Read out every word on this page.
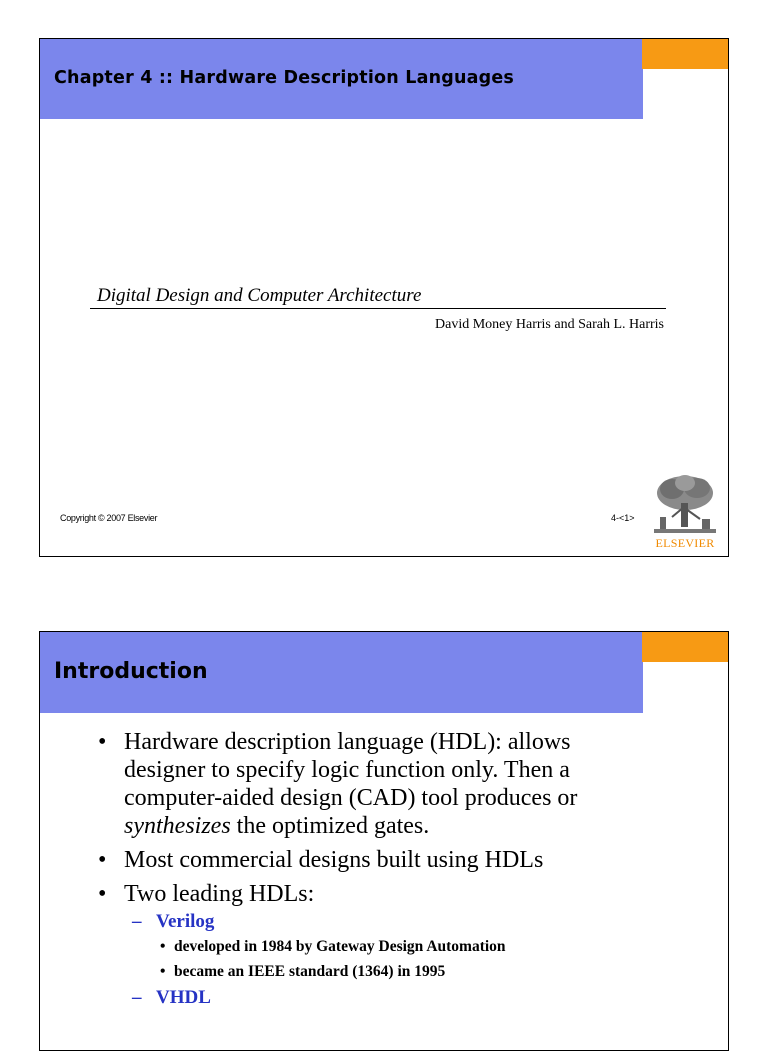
Chapter 4 :: Hardware Description Languages
Digital Design and Computer Architecture
David Money Harris and Sarah L. Harris
Copyright © 2007 Elsevier	4-<1>
ELSEVIER
Introduction
• Hardware description language (HDL): allows designer to specify logic function only. Then a computer-aided design (CAD) tool produces or synthesizes the optimized gates.
• Most commercial designs built using HDLs
• Two leading HDLs:
– Verilog
• developed in 1984 by Gateway Design Automation
• became an IEEE standard (1364) in 1995
– VHDL
